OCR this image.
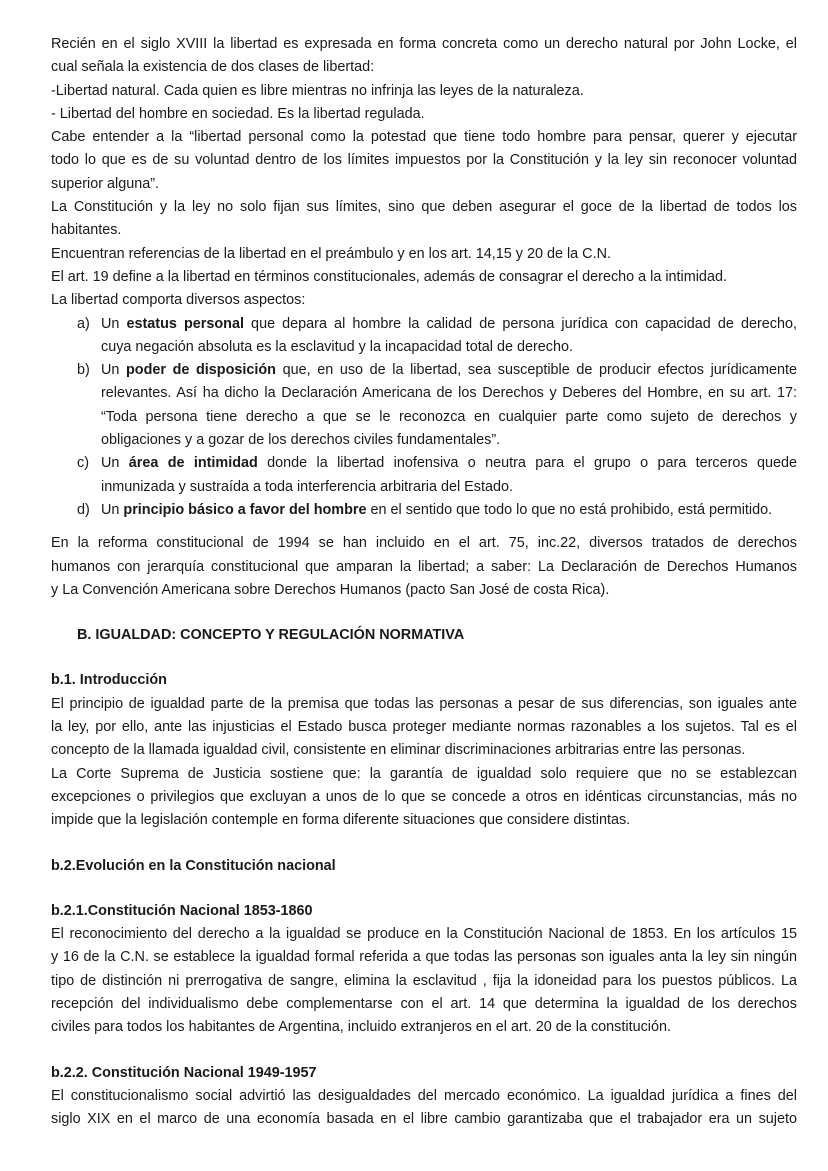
Recién en el siglo XVIII la libertad es expresada en forma concreta como un derecho natural por John Locke, el

cual señala la existencia de dos clases de libertad:

-Libertad natural. Cada quien es libre mientras no infrinja las leyes de la naturaleza.

- Libertad del hombre en sociedad. Es la libertad regulada.

Cabe entender a la “libertad personal como la potestad que tiene todo hombre para pensar, querer y ejecutar

todo lo que es de su voluntad dentro de los límites impuestos por la Constitución y la ley sin reconocer voluntad

superior alguna”.

La Constitución y la ley no solo fijan sus límites, sino que deben asegurar el goce de la libertad de todos los

habitantes.

Encuentran referencias de la libertad en el preámbulo y en los art. 14,15 y 20 de la C.N.

El art. 19 define a la libertad en términos constitucionales, además de consagrar el derecho a la intimidad.

La libertad comporta diversos aspectos:

a) Un estatus personal que depara al hombre la calidad de persona jurídica con capacidad de derecho,
cuya negación absoluta es la esclavitud y la incapacidad total de derecho.
b) Un poder de disposición que, en uso de la libertad, sea susceptible de producir efectos jurídicamente
relevantes. Así ha dicho la Declaración Americana de los Derechos y Deberes del Hombre, en su art. 17:
“Toda persona tiene derecho a que se le reconozca en cualquier parte como sujeto de derechos y
obligaciones y a gozar de los derechos civiles fundamentales”.
c) Un área de intimidad donde la libertad inofensiva o neutra para el grupo o para terceros quede
inmunizada y sustraída a toda interferencia arbitraria del Estado.
d) Un principio básico a favor del hombre en el sentido que todo lo que no está prohibido, está permitido.

En la reforma constitucional de 1994 se han incluido en el art. 75, inc.22, diversos tratados de derechos

humanos con jerarquía constitucional que amparan la libertad; a saber: La Declaración de Derechos Humanos

y La Convención Americana sobre Derechos Humanos (pacto San José de costa Rica).

B. IGUALDAD: CONCEPTO Y REGULACIÓN NORMATIVA

b.1. Introducción

El principio de igualdad parte de la premisa que todas las personas a pesar de sus diferencias, son iguales ante

la ley, por ello, ante las injusticias el Estado busca proteger mediante normas razonables a los sujetos. Tal es el

concepto de la llamada igualdad civil, consistente en eliminar discriminaciones arbitrarias entre las personas.

La Corte Suprema de Justicia sostiene que: la garantía de igualdad solo requiere que no se establezcan

excepciones o privilegios que excluyan a unos de lo que se concede a otros en idénticas circunstancias, más no

impide que la legislación contemple en forma diferente situaciones que considere distintas.

b.2.Evolución en la Constitución nacional

b.2.1.Constitución Nacional 1853-1860

El reconocimiento del derecho a la igualdad se produce en la Constitución Nacional de 1853. En los artículos 15

y 16 de la C.N. se establece la igualdad formal referida a que todas las personas son iguales anta la ley sin ningún

tipo de distinción ni prerrogativa de sangre, elimina la esclavitud , fija la idoneidad para los puestos públicos. La

recepción del individualismo debe complementarse con el art. 14 que determina la igualdad de los derechos

civiles para todos los habitantes de Argentina, incluido extranjeros en el art. 20 de la constitución.

b.2.2. Constitución Nacional 1949-1957

El constitucionalismo social advirtió las desigualdades del mercado económico. La igualdad jurídica a fines del

siglo XIX en el marco de una economía basada en el libre cambio garantizaba que el trabajador era un sujeto
